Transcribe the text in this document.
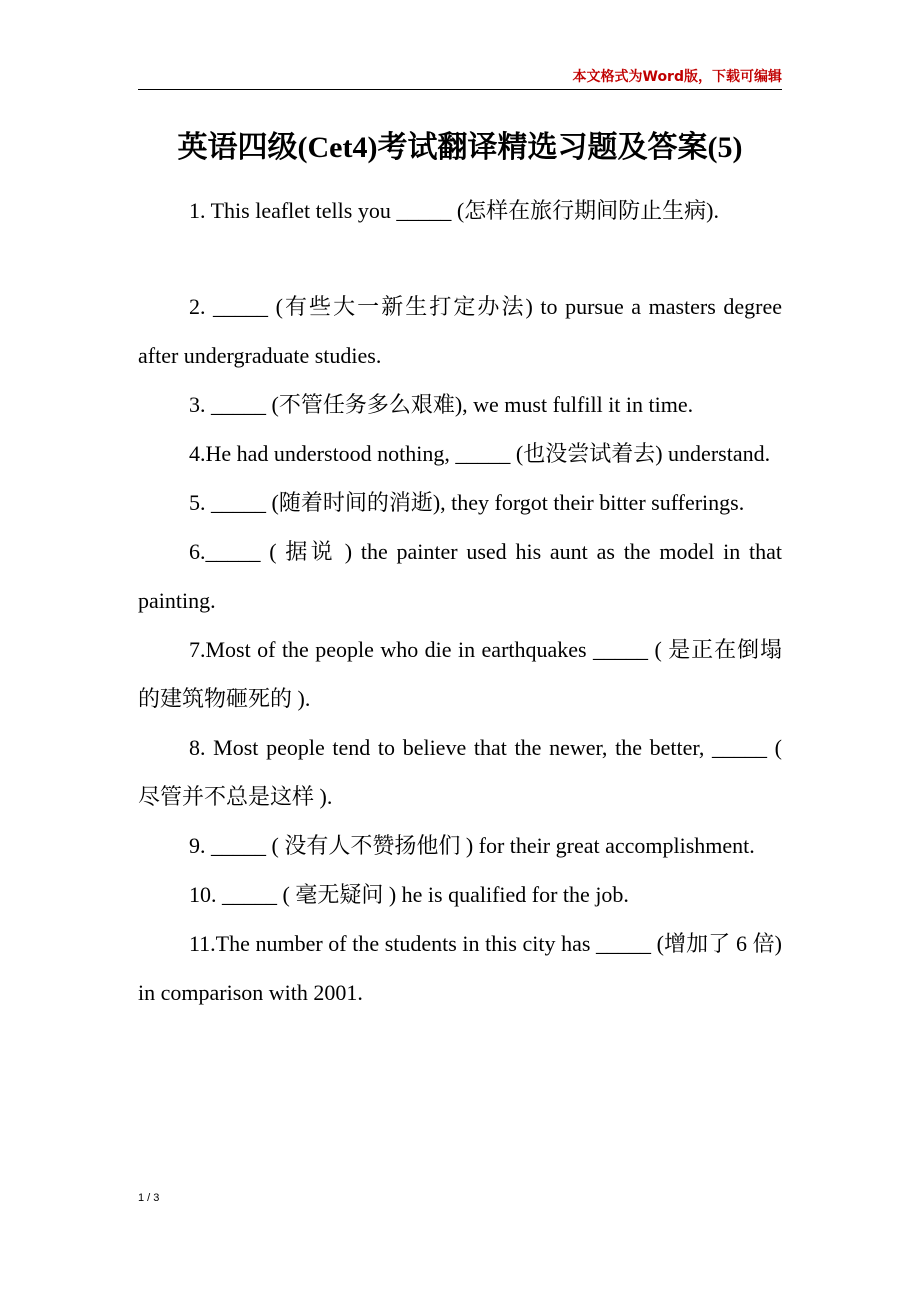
本文格式为Word版，下载可编辑
英语四级(Cet4)考试翻译精选习题及答案(5)

1. This leaflet tells you _____ (怎样在旅行期间防止生病).

2. _____ (有些大一新生打定办法) to pursue a masters degree after undergraduate studies.

3. _____ (不管任务多么艰难), we must fulfill it in time.

4.He had understood nothing, _____ (也没尝试着去) understand.

5. _____ (随着时间的消逝), they forgot their bitter sufferings.

6._____ ( 据说 ) the painter used his aunt as the model in that painting.

7.Most of the people who die in earthquakes _____ ( 是正在倒塌的建筑物砸死的 ).

8. Most people tend to believe that the newer, the better, _____ ( 尽管并不总是这样 ).

9. _____ ( 没有人不赞扬他们 ) for their great accomplishment.

10. _____ ( 毫无疑问 ) he is qualified for the job.

11.The number of the students in this city has _____ (增加了 6 倍) in comparison with 2001.

1 / 3
